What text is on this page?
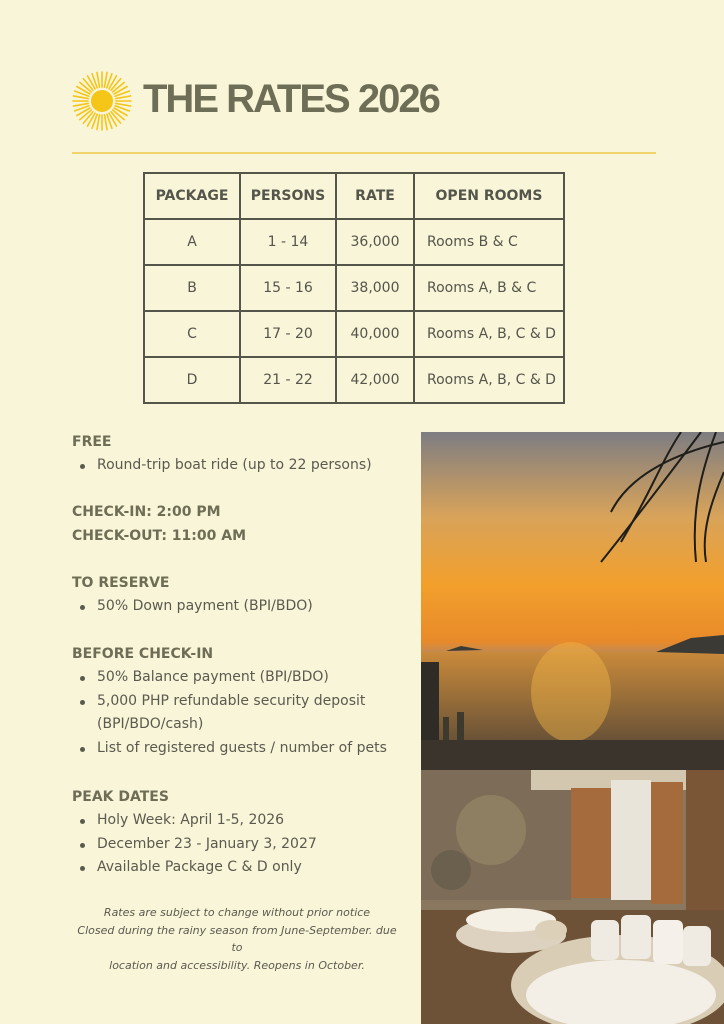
THE RATES 2026
PACKAGE	PERSONS	RATE	OPEN ROOMS
A	1 - 14	36,000	Rooms B & C
B	15 - 16	38,000	Rooms A, B & C
C	17 - 20	40,000	Rooms A, B, C & D
D	21 - 22	42,000	Rooms A, B, C & D

FREE

Round-trip boat ride (up to 22 persons)

CHECK-IN: 2:00 PM

CHECK-OUT: 11:00 AM

TO RESERVE

50% Down payment (BPI/BDO)

BEFORE CHECK-IN

50% Balance payment (BPI/BDO)
5,000 PHP refundable security deposit
(BPI/BDO/cash)
List of registered guests / number of pets

PEAK DATES

Holy Week: April 1-5, 2026
December 23 - January 3, 2027
Available Package C & D only
Rates are subject to change without prior notice
Closed during the rainy season from June-September. due to
location and accessibility. Reopens in October.
